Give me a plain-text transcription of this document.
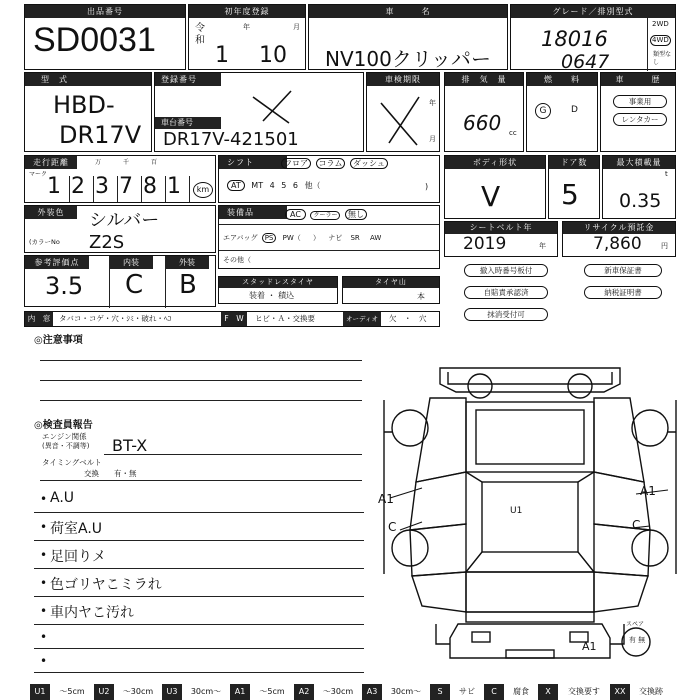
出品番号
SD0031
初年度登録
令和
年	月
1 10
車　　　名
NV100クリッパー
グレード／排別型式
18016
0647
2WD
4WD
類型なし
型　式
HBD-
DR17V
登録番号
車台番号
DR17V-421501
車検期限
年
月
排　気　量
660 cc
燃　　料
G	D
車　　　歴
事業用
レンタカー
走行距離
マーク
万	千	百
1 2 3 7 8 1	km
シフト	フロア コラム ダッシュ
AT MT 4 5 6 他（	)
ボディ形状
V
ドア数
5
最大積載量
t
0.35
外装色	シルバー
(カラーNo Z2S
装備品	AC クーラー 無し
エアバッグ PS PW（ ） ナビ SR AW
その他（
シートベルト年
2019	年
リサイクル預託金
7,860	円
参考評価点	内装	外装
3.5 C B	スタッドレスタイヤ
装着 ・ 積込
タイヤ山
本
撤入時番号板付	新車保証書
自賠責承認済	納税証明書
抹消受付可
内　窓	タバコ・コゲ・穴・ｼﾐ・破れ・ﾍｺ	F　W	ヒビ・Ａ・交換要	オーディオ	欠　・　穴
◎注意事項
◎検査員報告
エンジン関係
(異音・不調等) BT-X
タイミングベルト
交換 有・無
• A.U
• 荷室A.U
• 足回りメ
• 色ゴリヤこミラれ
• 車内ヤこ汚れ
•
•
A1
C
A1
C
A1
U1
スペア
有 無
U1	～5cm	U2	～30cm	U3	30cm～	A1	～5cm	A2	～30cm	A3	30cm～	S	サビ	C	腐食	X	交換要す	XX	交換跡
